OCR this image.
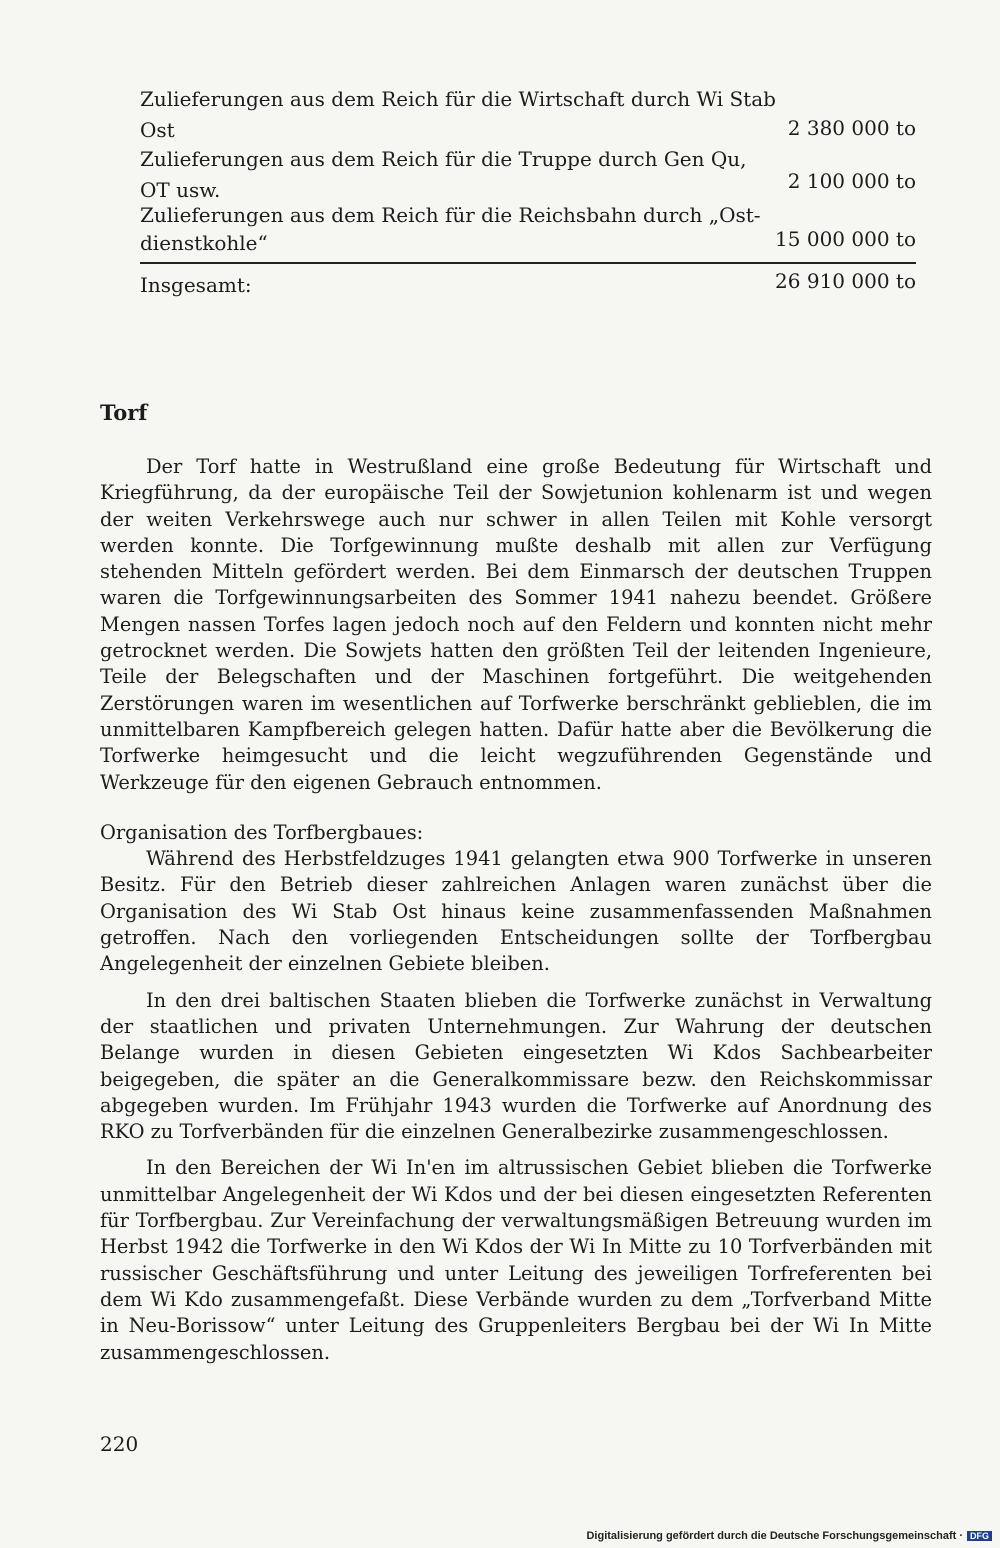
Zulieferungen aus dem Reich für die Wirtschaft durch Wi Stab
Ost	2 380 000 to
Zulieferungen aus dem Reich für die Truppe durch Gen Qu,
OT usw.	2 100 000 to
Zulieferungen aus dem Reich für die Reichsbahn durch „Ost-
dienstkohle“	15 000 000 to
Insgesamt:	26 910 000 to
Torf

Der Torf hatte in Westrußland eine große Bedeutung für Wirtschaft und Kriegführung, da der europäische Teil der Sowjetunion kohlenarm ist und wegen der weiten Verkehrswege auch nur schwer in allen Teilen mit Kohle versorgt werden konnte. Die Torfgewinnung mußte deshalb mit allen zur Verfügung stehenden Mitteln gefördert werden. Bei dem Einmarsch der deutschen Truppen waren die Torfgewinnungsarbeiten des Sommer 1941 nahezu beendet. Größere Mengen nassen Torfes lagen jedoch noch auf den Feldern und konnten nicht mehr getrocknet werden. Die Sowjets hatten den größten Teil der leitenden Ingenieure, Teile der Belegschaften und der Maschinen fortgeführt. Die weitgehenden Zerstörungen waren im wesentlichen auf Torfwerke berschränkt geblieblen, die im unmittelbaren Kampfbereich gelegen hatten. Dafür hatte aber die Bevölkerung die Torfwerke heimgesucht und die leicht wegzuführenden Gegenstände und Werkzeuge für den eigenen Gebrauch entnommen.

Organisation des Torfbergbaues:

Während des Herbstfeldzuges 1941 gelangten etwa 900 Torfwerke in unseren Besitz. Für den Betrieb dieser zahlreichen Anlagen waren zunächst über die Organisation des Wi Stab Ost hinaus keine zusammenfassenden Maßnahmen getroffen. Nach den vorliegenden Entscheidungen sollte der Torfbergbau Angelegenheit der einzelnen Gebiete bleiben.

In den drei baltischen Staaten blieben die Torfwerke zunächst in Verwaltung der staatlichen und privaten Unternehmungen. Zur Wahrung der deutschen Belange wurden in diesen Gebieten eingesetzten Wi Kdos Sachbearbeiter beigegeben, die später an die Generalkommissare bezw. den Reichskommissar abgegeben wurden. Im Frühjahr 1943 wurden die Torfwerke auf Anordnung des RKO zu Torfverbänden für die einzelnen Generalbezirke zusammengeschlossen.

In den Bereichen der Wi In'en im altrussischen Gebiet blieben die Torfwerke unmittelbar Angelegenheit der Wi Kdos und der bei diesen eingesetzten Referenten für Torfbergbau. Zur Vereinfachung der verwaltungsmäßigen Betreuung wurden im Herbst 1942 die Torfwerke in den Wi Kdos der Wi In Mitte zu 10 Torfverbänden mit russischer Geschäftsführung und unter Leitung des jeweiligen Torfreferenten bei dem Wi Kdo zusammengefaßt. Diese Verbände wurden zu dem „Torfverband Mitte in Neu-Borissow“ unter Leitung des Gruppenleiters Bergbau bei der Wi In Mitte zusammengeschlossen.

220
Digitalisierung gefördert durch die Deutsche Forschungsgemeinschaft · DFG
